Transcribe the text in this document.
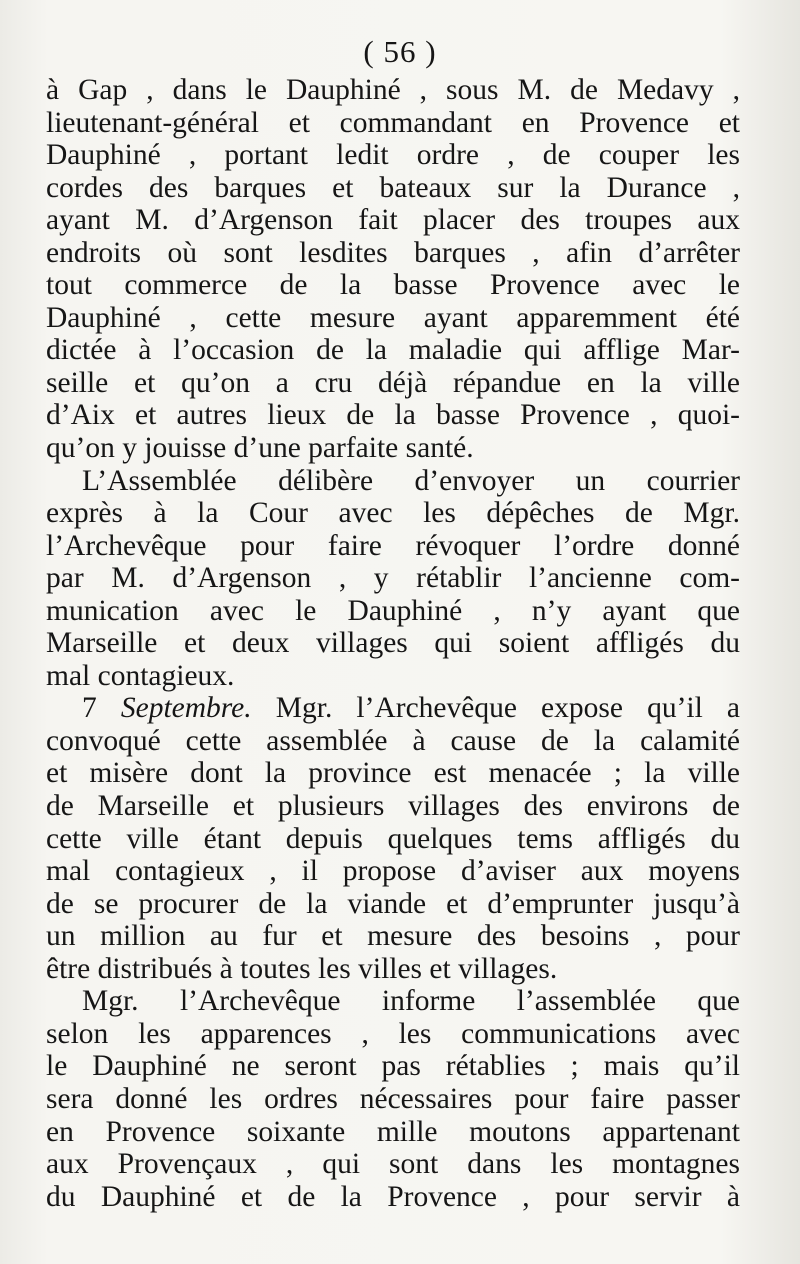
( 56 )
à Gap , dans le Dauphiné , sous M. de Medavy ,
lieutenant-général et commandant en Provence et
Dauphiné , portant ledit ordre , de couper les
cordes des barques et bateaux sur la Durance ,
ayant M. d’Argenson fait placer des troupes aux
endroits où sont lesdites barques , afin d’arrêter
tout commerce de la basse Provence avec le
Dauphiné , cette mesure ayant apparemment été
dictée à l’occasion de la maladie qui afflige Mar-
seille et qu’on a cru déjà répandue en la ville
d’Aix et autres lieux de la basse Provence , quoi-
qu’on y jouisse d’une parfaite santé.
L’Assemblée délibère d’envoyer un courrier
exprès à la Cour avec les dépêches de Mgr.
l’Archevêque pour faire révoquer l’ordre donné
par M. d’Argenson , y rétablir l’ancienne com-
munication avec le Dauphiné , n’y ayant que
Marseille et deux villages qui soient affligés du
mal contagieux.
7 Septembre. Mgr. l’Archevêque expose qu’il a
convoqué cette assemblée à cause de la calamité
et misère dont la province est menacée ; la ville
de Marseille et plusieurs villages des environs de
cette ville étant depuis quelques tems affligés du
mal contagieux , il propose d’aviser aux moyens
de se procurer de la viande et d’emprunter jusqu’à
un million au fur et mesure des besoins , pour
être distribués à toutes les villes et villages.
Mgr. l’Archevêque informe l’assemblée que
selon les apparences , les communications avec
le Dauphiné ne seront pas rétablies ; mais qu’il
sera donné les ordres nécessaires pour faire passer
en Provence soixante mille moutons appartenant
aux Provençaux , qui sont dans les montagnes
du Dauphiné et de la Provence , pour servir à
